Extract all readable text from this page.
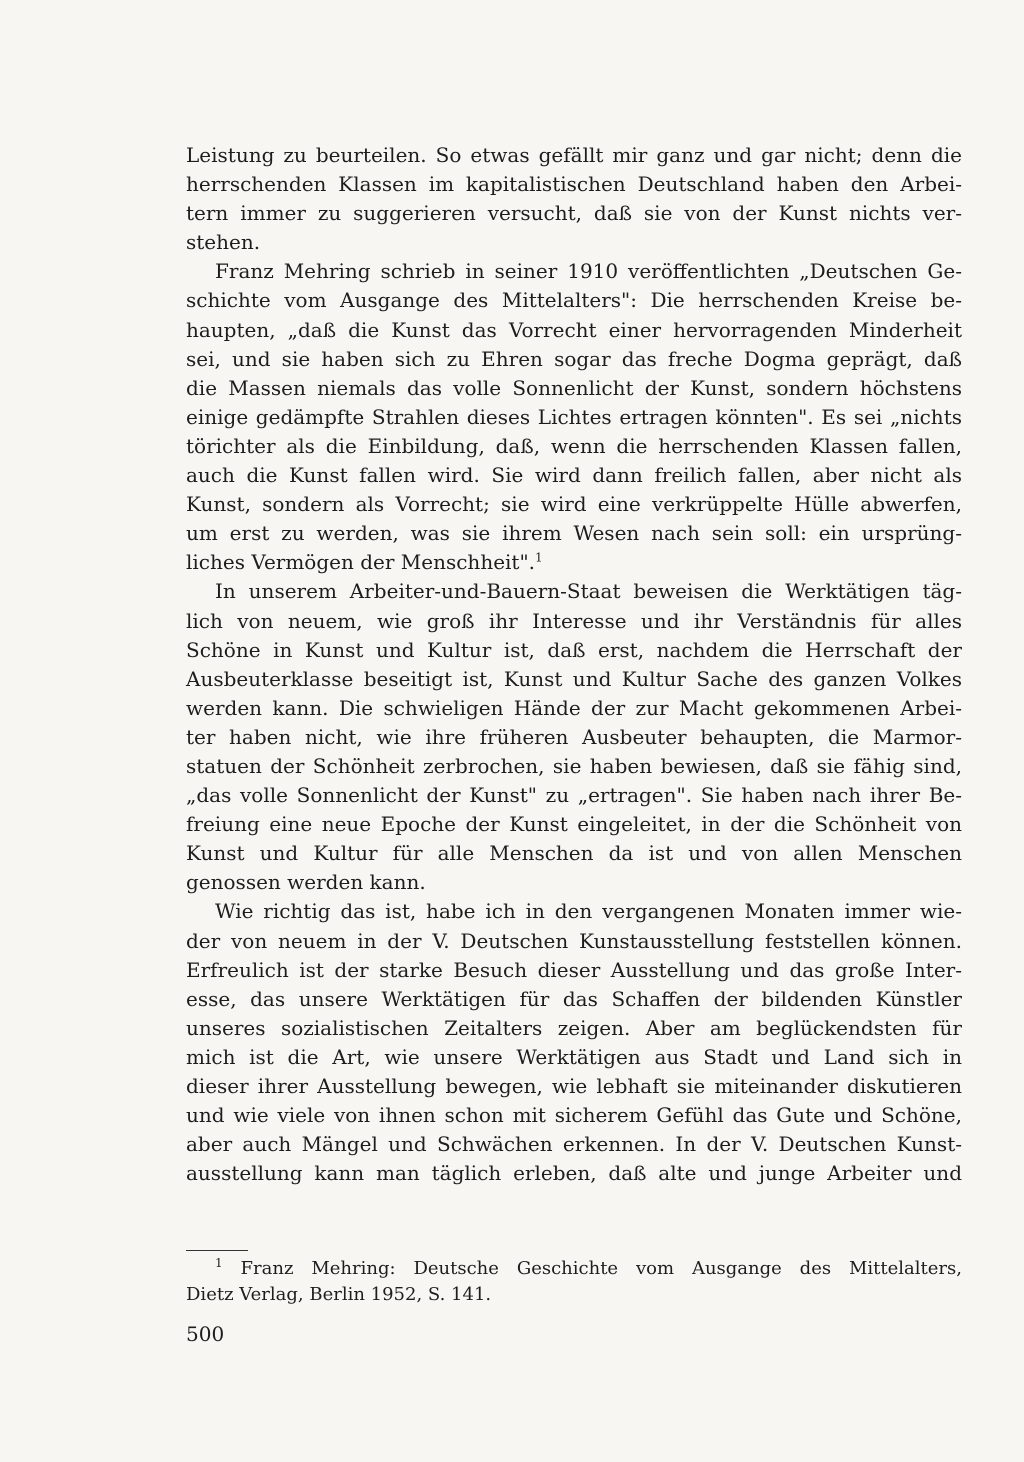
Leistung zu beurteilen. So etwas gefällt mir ganz und gar nicht; denn die
herrschenden Klassen im kapitalistischen Deutschland haben den Arbei-
tern immer zu suggerieren versucht, daß sie von der Kunst nichts ver-
stehen.

Franz Mehring schrieb in seiner 1910 veröffentlichten „Deutschen Ge-
schichte vom Ausgange des Mittelalters": Die herrschenden Kreise be-
haupten, „daß die Kunst das Vorrecht einer hervorragenden Minderheit
sei, und sie haben sich zu Ehren sogar das freche Dogma geprägt, daß
die Massen niemals das volle Sonnenlicht der Kunst, sondern höchstens
einige gedämpfte Strahlen dieses Lichtes ertragen könnten". Es sei „nichts
törichter als die Einbildung, daß, wenn die herrschenden Klassen fallen,
auch die Kunst fallen wird. Sie wird dann freilich fallen, aber nicht als
Kunst, sondern als Vorrecht; sie wird eine verkrüppelte Hülle abwerfen,
um erst zu werden, was sie ihrem Wesen nach sein soll: ein ursprüng-
liches Vermögen der Menschheit".$^1$

In unserem Arbeiter-und-Bauern-Staat beweisen die Werktätigen täg-
lich von neuem, wie groß ihr Interesse und ihr Verständnis für alles
Schöne in Kunst und Kultur ist, daß erst, nachdem die Herrschaft der
Ausbeuterklasse beseitigt ist, Kunst und Kultur Sache des ganzen Volkes
werden kann. Die schwieligen Hände der zur Macht gekommenen Arbei-
ter haben nicht, wie ihre früheren Ausbeuter behaupten, die Marmor-
statuen der Schönheit zerbrochen, sie haben bewiesen, daß sie fähig sind,
„das volle Sonnenlicht der Kunst" zu „ertragen". Sie haben nach ihrer Be-
freiung eine neue Epoche der Kunst eingeleitet, in der die Schönheit von
Kunst und Kultur für alle Menschen da ist und von allen Menschen
genossen werden kann.

Wie richtig das ist, habe ich in den vergangenen Monaten immer wie-
der von neuem in der V. Deutschen Kunstausstellung feststellen können.
Erfreulich ist der starke Besuch dieser Ausstellung und das große Inter-
esse, das unsere Werktätigen für das Schaffen der bildenden Künstler
unseres sozialistischen Zeitalters zeigen. Aber am beglückendsten für
mich ist die Art, wie unsere Werktätigen aus Stadt und Land sich in
dieser ihrer Ausstellung bewegen, wie lebhaft sie miteinander diskutieren
und wie viele von ihnen schon mit sicherem Gefühl das Gute und Schöne,
aber auch Mängel und Schwächen erkennen. In der V. Deutschen Kunst-
ausstellung kann man täglich erleben, daß alte und junge Arbeiter und

$^1$ Franz Mehring: Deutsche Geschichte vom Ausgange des Mittelalters,
Dietz Verlag, Berlin 1952, S. 141.
500
